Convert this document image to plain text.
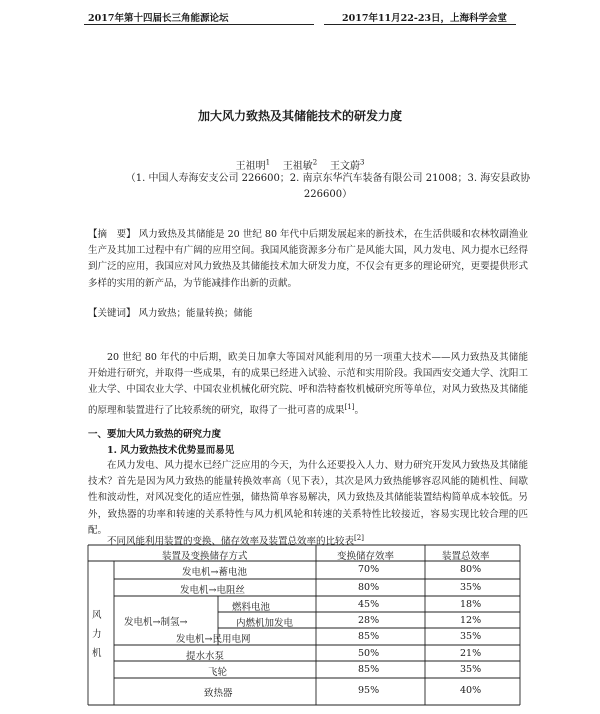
2017年第十四届长三角能源论坛	2017年11月22-23日，上海科学会堂
加大风力致热及其储能技术的研发力度
王祖明$^1$ 王祖敏$^2$ 王文蔚$^3$
（1. 中国人寿海安支公司 226600；2. 南京东华汽车装备有限公司 21008；3. 海安县政协 226600）
【摘　要】 风力致热及其储能是 20 世纪 80 年代中后期发展起来的新技术，在生活供暖和农林牧副渔业生产及其加工过程中有广阔的应用空间。我国风能资源多分布广是风能大国，风力发电、风力提水已经得到广泛的应用，我国应对风力致热及其储能技术加大研发力度，不仅会有更多的理论研究，更要提供形式多样的实用的新产品，为节能减排作出新的贡献。
【关键词】 风力致热；能量转换；储能
20 世纪 80 年代的中后期，欧美日加拿大等国对风能利用的另一项重大技术——风力致热及其储能开始进行研究，并取得一些成果，有的成果已经进入试验、示范和实用阶段。我国西安交通大学、沈阳工业大学、中国农业大学、中国农业机械化研究院、呼和浩特畜牧机械研究所等单位，对风力致热及其储能的原理和装置进行了比较系统的研究，取得了一批可喜的成果[1]。
一、要加大风力致热的研究力度
1. 风力致热技术优势显而易见
在风力发电、风力提水已经广泛应用的今天，为什么还要投入人力、财力研究开发风力致热及其储能技术？首先是因为风力致热的能量转换效率高（见下表），其次是风力致热能够容忍风能的随机性、间歇性和波动性，对风况变化的适应性强，储热简单容易解决，风力致热及其储能装置结构简单成本较低。另外，致热器的功率和转速的关系特性与风力机风轮和转速的关系特性比较接近，容易实现比较合理的匹配。
不同风能利用装置的变换、储存效率及装置总效率的比较表[2]
装置及变换储存方式	变换储存效率	装置总效率
风
力
机
发电机→制氢→
发电机→蓄电池	70%	80%
发电机→电阻丝	80%	35%
燃料电池	45%	18%
内燃机加发电	28%	12%
发电机→民用电网	85%	35%
提水水泵	50%	21%
飞轮	85%	35%
致热器	95%	40%
